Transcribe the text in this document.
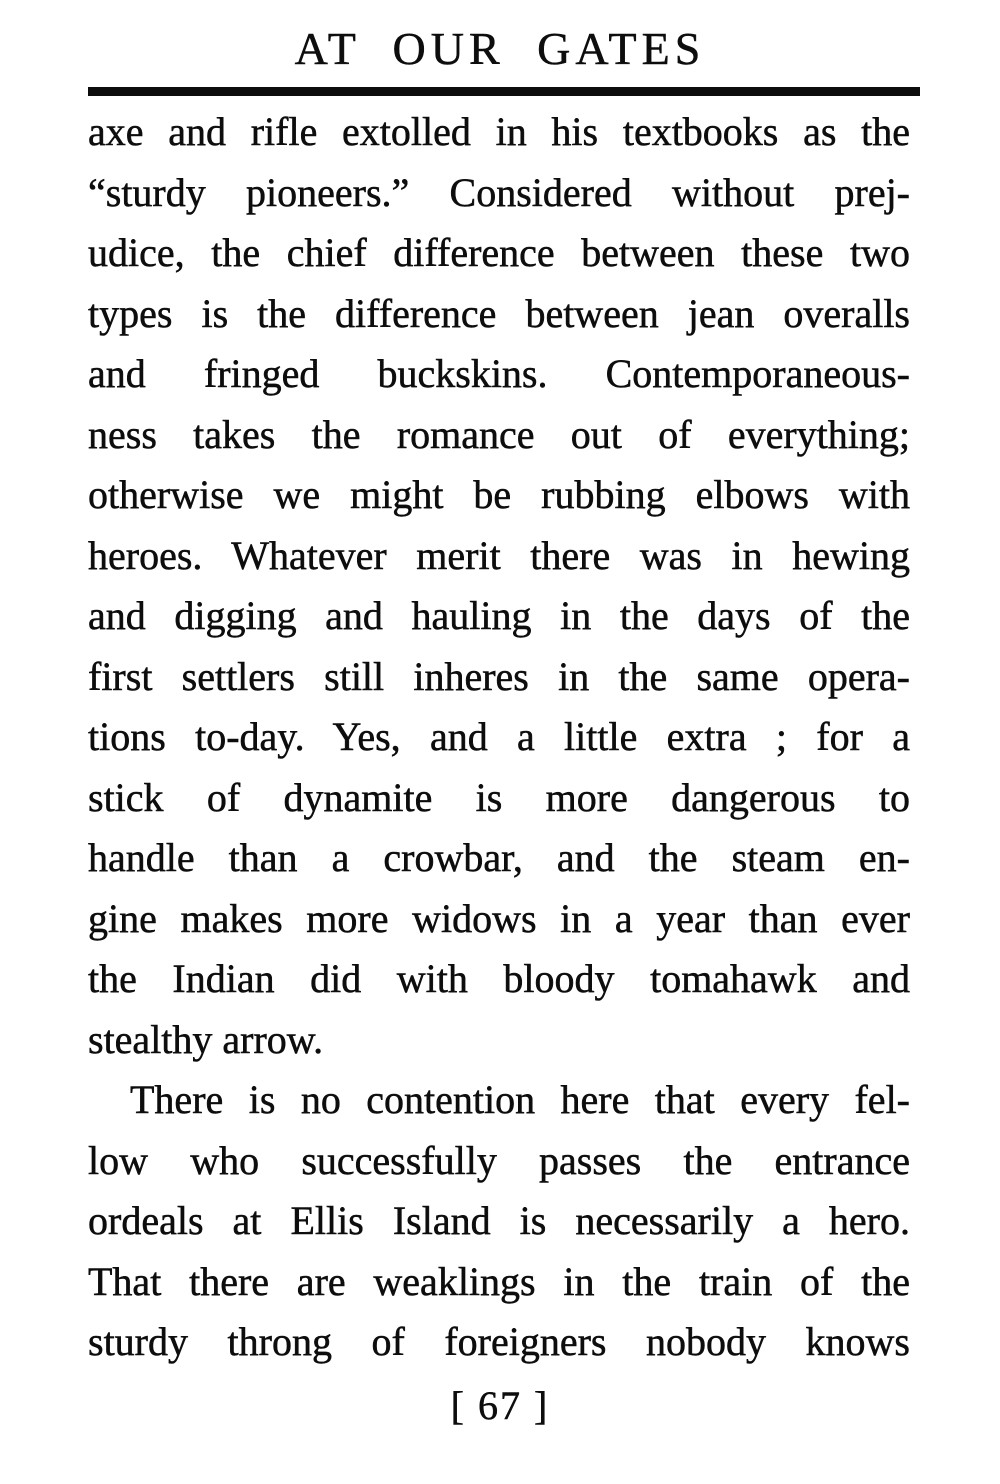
AT OUR GATES
axe and rifle extolled in his textbooks as the
“sturdy pioneers.” Considered without prej-
udice, the chief difference between these two
types is the difference between jean overalls
and fringed buckskins. Contemporaneous-
ness takes the romance out of everything;
otherwise we might be rubbing elbows with
heroes. Whatever merit there was in hewing
and digging and hauling in the days of the
first settlers still inheres in the same opera-
tions to-day. Yes, and a little extra ; for a
stick of dynamite is more dangerous to
handle than a crowbar, and the steam en-
gine makes more widows in a year than ever
the Indian did with bloody tomahawk and
stealthy arrow.
There is no contention here that every fel-
low who successfully passes the entrance
ordeals at Ellis Island is necessarily a hero.
That there are weaklings in the train of the
sturdy throng of foreigners nobody knows
[ 67 ]
